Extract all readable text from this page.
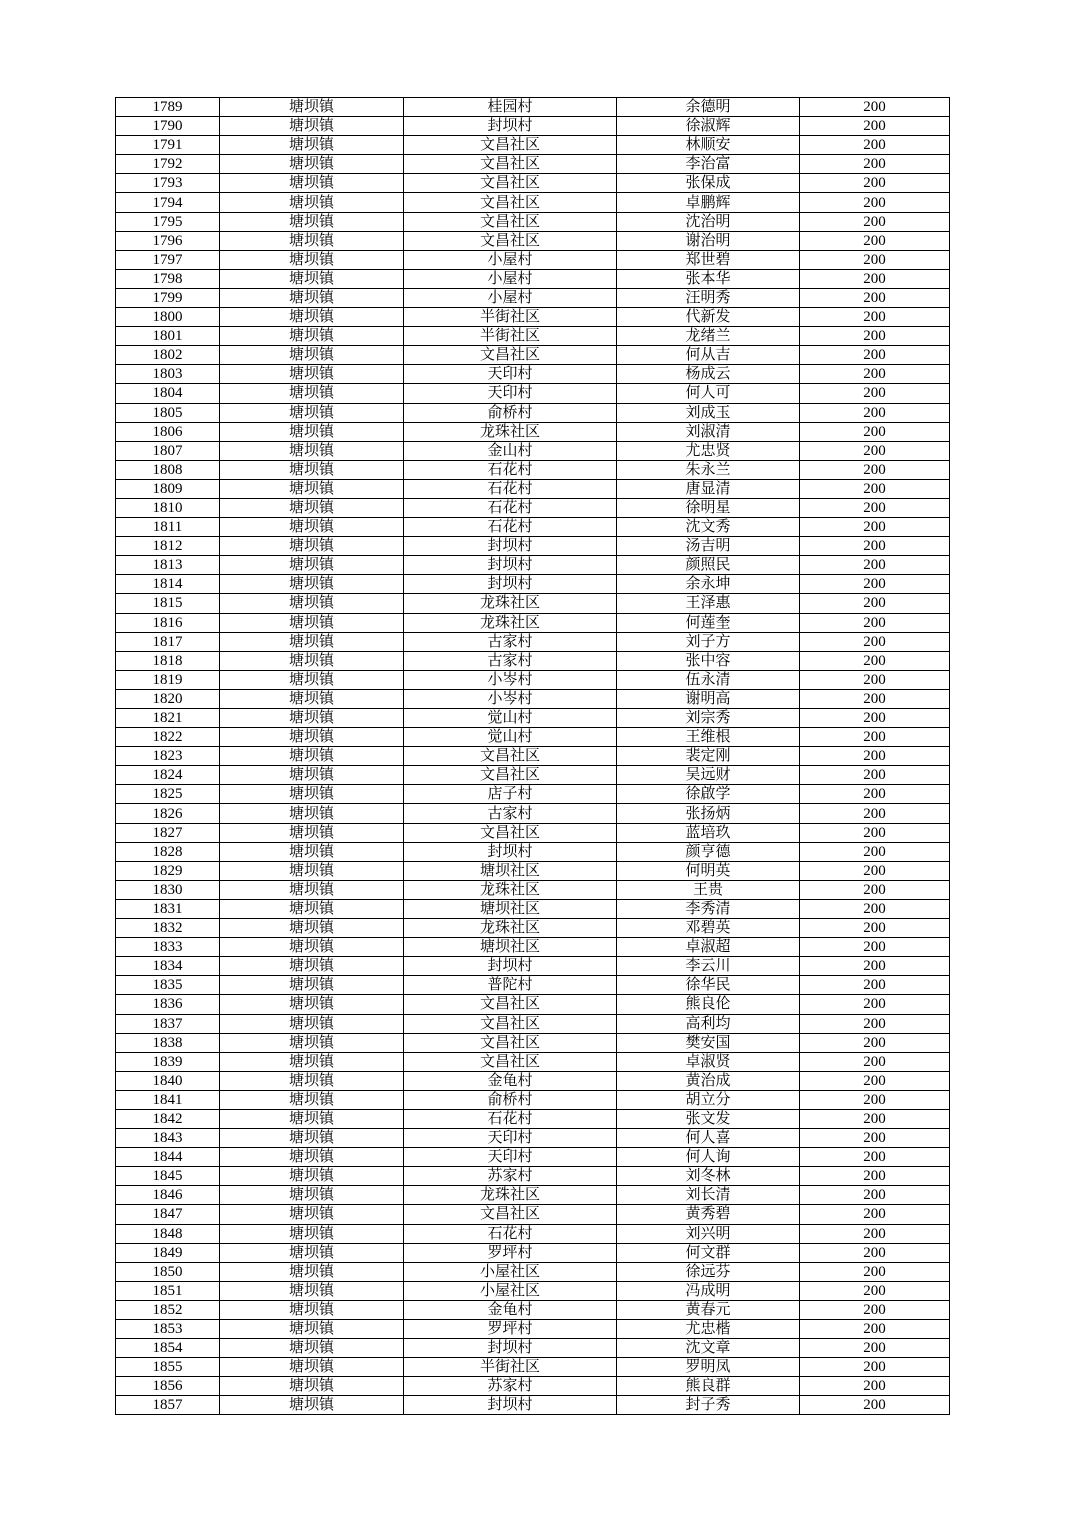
1789	塘坝镇	桂园村	余德明	200
1790	塘坝镇	封坝村	徐淑辉	200
1791	塘坝镇	文昌社区	林顺安	200
1792	塘坝镇	文昌社区	李治富	200
1793	塘坝镇	文昌社区	张保成	200
1794	塘坝镇	文昌社区	卓鹏辉	200
1795	塘坝镇	文昌社区	沈治明	200
1796	塘坝镇	文昌社区	谢治明	200
1797	塘坝镇	小屋村	郑世碧	200
1798	塘坝镇	小屋村	张本华	200
1799	塘坝镇	小屋村	汪明秀	200
1800	塘坝镇	半街社区	代新发	200
1801	塘坝镇	半街社区	龙绪兰	200
1802	塘坝镇	文昌社区	何从吉	200
1803	塘坝镇	天印村	杨成云	200
1804	塘坝镇	天印村	何人可	200
1805	塘坝镇	俞桥村	刘成玉	200
1806	塘坝镇	龙珠社区	刘淑清	200
1807	塘坝镇	金山村	尤忠贤	200
1808	塘坝镇	石花村	朱永兰	200
1809	塘坝镇	石花村	唐显清	200
1810	塘坝镇	石花村	徐明星	200
1811	塘坝镇	石花村	沈文秀	200
1812	塘坝镇	封坝村	汤吉明	200
1813	塘坝镇	封坝村	颜照民	200
1814	塘坝镇	封坝村	余永坤	200
1815	塘坝镇	龙珠社区	王泽惠	200
1816	塘坝镇	龙珠社区	何莲奎	200
1817	塘坝镇	古家村	刘子方	200
1818	塘坝镇	古家村	张中容	200
1819	塘坝镇	小岑村	伍永清	200
1820	塘坝镇	小岑村	谢明高	200
1821	塘坝镇	觉山村	刘宗秀	200
1822	塘坝镇	觉山村	王维根	200
1823	塘坝镇	文昌社区	裴定刚	200
1824	塘坝镇	文昌社区	吴远财	200
1825	塘坝镇	店子村	徐啟学	200
1826	塘坝镇	古家村	张扬炳	200
1827	塘坝镇	文昌社区	蓝培玖	200
1828	塘坝镇	封坝村	颜亨德	200
1829	塘坝镇	塘坝社区	何明英	200
1830	塘坝镇	龙珠社区	王贵	200
1831	塘坝镇	塘坝社区	李秀清	200
1832	塘坝镇	龙珠社区	邓碧英	200
1833	塘坝镇	塘坝社区	卓淑超	200
1834	塘坝镇	封坝村	李云川	200
1835	塘坝镇	普陀村	徐华民	200
1836	塘坝镇	文昌社区	熊良伦	200
1837	塘坝镇	文昌社区	高利均	200
1838	塘坝镇	文昌社区	樊安国	200
1839	塘坝镇	文昌社区	卓淑贤	200
1840	塘坝镇	金龟村	黄治成	200
1841	塘坝镇	俞桥村	胡立分	200
1842	塘坝镇	石花村	张文发	200
1843	塘坝镇	天印村	何人喜	200
1844	塘坝镇	天印村	何人询	200
1845	塘坝镇	苏家村	刘冬林	200
1846	塘坝镇	龙珠社区	刘长清	200
1847	塘坝镇	文昌社区	黄秀碧	200
1848	塘坝镇	石花村	刘兴明	200
1849	塘坝镇	罗坪村	何文群	200
1850	塘坝镇	小屋社区	徐远芬	200
1851	塘坝镇	小屋社区	冯成明	200
1852	塘坝镇	金龟村	黄春元	200
1853	塘坝镇	罗坪村	尤忠楷	200
1854	塘坝镇	封坝村	沈文章	200
1855	塘坝镇	半街社区	罗明凤	200
1856	塘坝镇	苏家村	熊良群	200
1857	塘坝镇	封坝村	封子秀	200
